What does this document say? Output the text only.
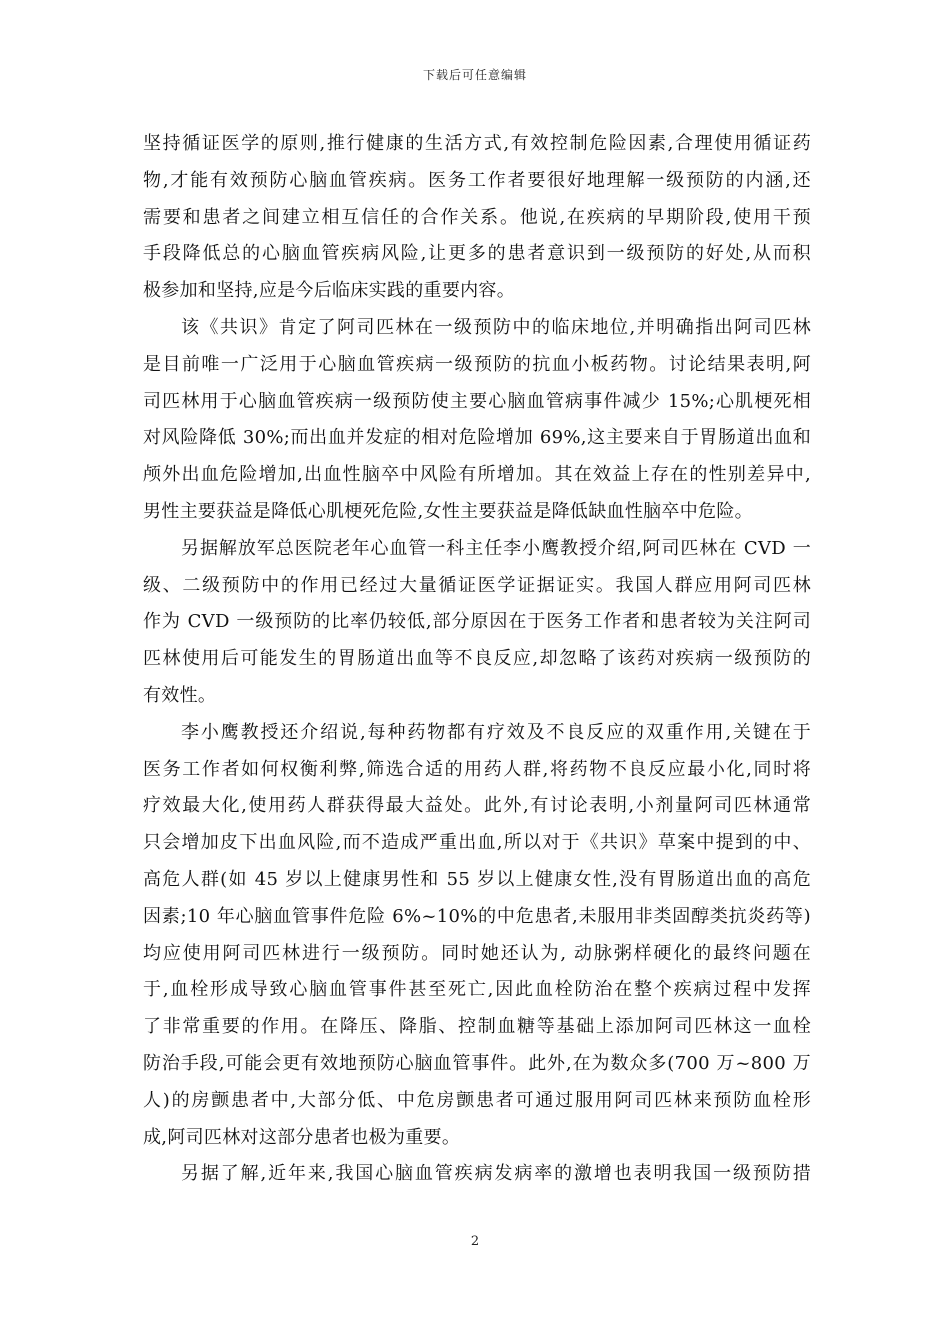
下载后可任意编辑

坚持循证医学的原则,推行健康的生活方式,有效控制危险因素,合理使用循证药
物,才能有效预防心脑血管疾病。医务工作者要很好地理解一级预防的内涵,还
需要和患者之间建立相互信任的合作关系。他说,在疾病的早期阶段,使用干预
手段降低总的心脑血管疾病风险,让更多的患者意识到一级预防的好处,从而积
极参加和坚持,应是今后临床实践的重要内容。

该《共识》肯定了阿司匹林在一级预防中的临床地位,并明确指出阿司匹林
是目前唯一广泛用于心脑血管疾病一级预防的抗血小板药物。讨论结果表明,阿
司匹林用于心脑血管疾病一级预防使主要心脑血管病事件减少 15%;心肌梗死相
对风险降低 30%;而出血并发症的相对危险增加 69%,这主要来自于胃肠道出血和
颅外出血危险增加,出血性脑卒中风险有所增加。其在效益上存在的性别差异中,
男性主要获益是降低心肌梗死危险,女性主要获益是降低缺血性脑卒中危险。

另据解放军总医院老年心血管一科主任李小鹰教授介绍,阿司匹林在 CVD 一
级、二级预防中的作用已经过大量循证医学证据证实。我国人群应用阿司匹林
作为 CVD 一级预防的比率仍较低,部分原因在于医务工作者和患者较为关注阿司
匹林使用后可能发生的胃肠道出血等不良反应,却忽略了该药对疾病一级预防的
有效性。

李小鹰教授还介绍说,每种药物都有疗效及不良反应的双重作用,关键在于
医务工作者如何权衡利弊,筛选合适的用药人群,将药物不良反应最小化,同时将
疗效最大化,使用药人群获得最大益处。此外,有讨论表明,小剂量阿司匹林通常
只会增加皮下出血风险,而不造成严重出血,所以对于《共识》草案中提到的中、
高危人群(如 45 岁以上健康男性和 55 岁以上健康女性,没有胃肠道出血的高危
因素;10 年心脑血管事件危险 6%~10%的中危患者,未服用非类固醇类抗炎药等)
均应使用阿司匹林进行一级预防。同时她还认为, 动脉粥样硬化的最终问题在
于,血栓形成导致心脑血管事件甚至死亡,因此血栓防治在整个疾病过程中发挥
了非常重要的作用。在降压、降脂、控制血糖等基础上添加阿司匹林这一血栓
防治手段,可能会更有效地预防心脑血管事件。此外,在为数众多(700 万~800 万
人)的房颤患者中,大部分低、中危房颤患者可通过服用阿司匹林来预防血栓形
成,阿司匹林对这部分患者也极为重要。

另据了解,近年来,我国心脑血管疾病发病率的激增也表明我国一级预防措

2
